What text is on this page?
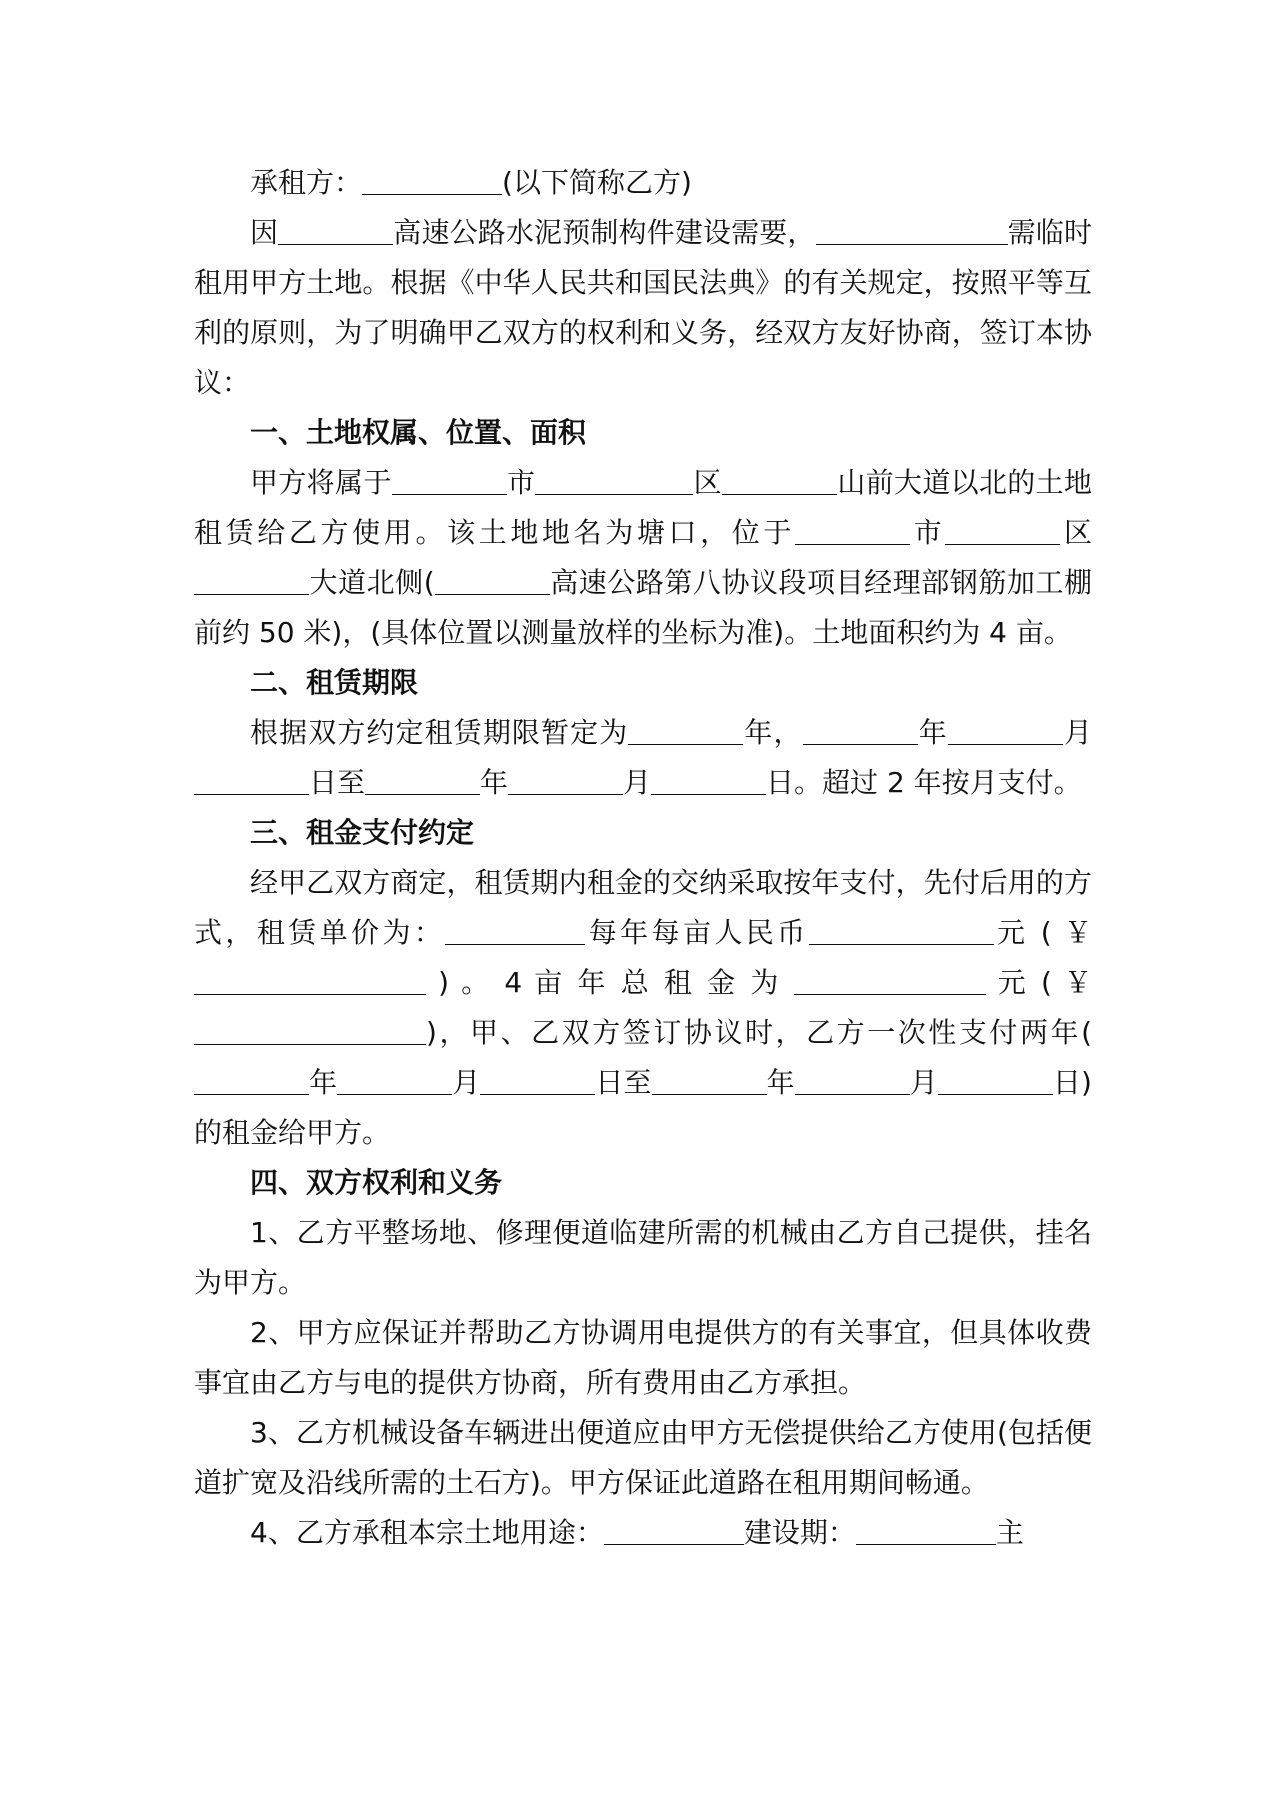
承租方：	(以下简称乙方)

因	高速公路水泥预制构件建设需要，	需临时租用甲方土地。根据《中华人民共和国民法典》的有关规定，按照平等互利的原则，为了明确甲乙双方的权利和义务，经双方友好协商，签订本协议：

一、土地权属、位置、面积

甲方将属于	市	区	山前大道以北的土地租赁给乙方使用。该土地地名为塘口，位于	市	区大道北侧(	高速公路第八协议段项目经理部钢筋加工棚前约 50 米)，(具体位置以测量放样的坐标为准)。土地面积约为 4 亩。

二、租赁期限

根据双方约定租赁期限暂定为	年，	年	月日至	年	月	日。超过 2 年按月支付。

三、租金支付约定

经甲乙双方商定，租赁期内租金的交纳采取按年支付，先付后用的方式，租赁单价为：	每年每亩人民币	元 ( ￥  ) 。 4 亩 年 总 租 金 为	元 ( ￥)，甲、乙双方签订协议时，乙方一次性支付两年(年	月	日至	年	月	日)的租金给甲方。

四、双方权利和义务

1、乙方平整场地、修理便道临建所需的机械由乙方自己提供，挂名为甲方。

2、甲方应保证并帮助乙方协调用电提供方的有关事宜，但具体收费事宜由乙方与电的提供方协商，所有费用由乙方承担。

3、乙方机械设备车辆进出便道应由甲方无偿提供给乙方使用(包括便道扩宽及沿线所需的土石方)。甲方保证此道路在租用期间畅通。

4、乙方承租本宗土地用途：	建设期：	主
